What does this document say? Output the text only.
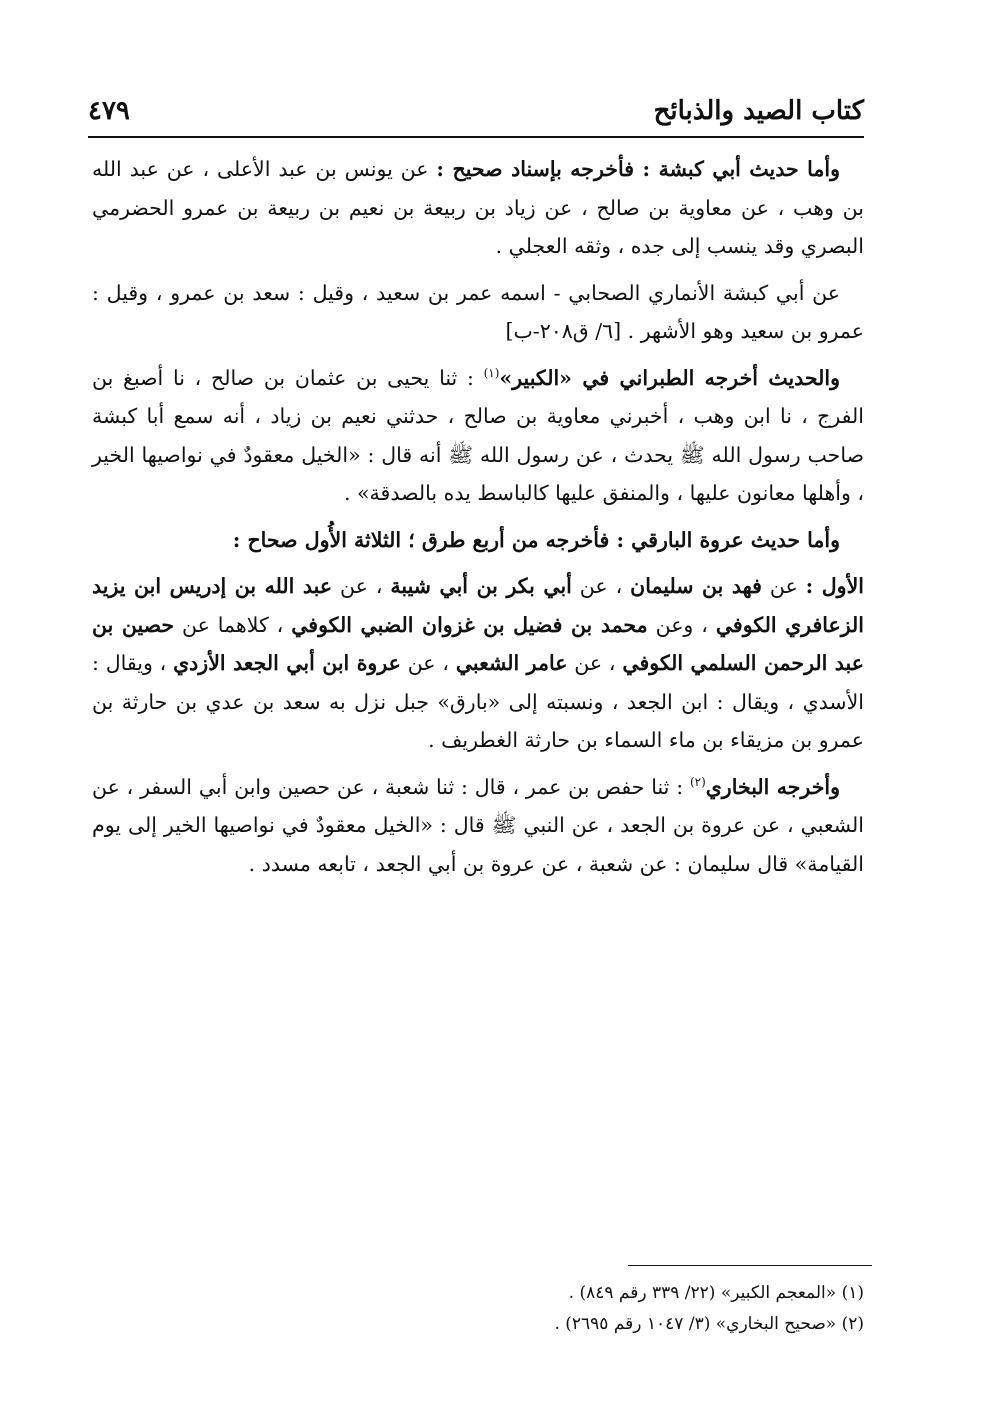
كتاب الصيد والذبائح
٤٧٩

وأما حديث أبي كبشة : فأخرجه بإسناد صحيح : عن يونس بن عبد الأعلى ، عن عبد الله بن وهب ، عن معاوية بن صالح ، عن زياد بن ربيعة بن نعيم بن ربيعة بن عمرو الحضرمي البصري وقد ينسب إلى جده ، وثقه العجلي .

عن أبي كبشة الأنماري الصحابي - اسمه عمر بن سعيد ، وقيل : سعد بن عمرو ، وقيل : عمرو بن سعيد وهو الأشهر . [٦/ ق٢٠٨-ب]

والحديث أخرجه الطبراني في «الكبير»$^{(١)}$ : ثنا يحيى بن عثمان بن صالح ، نا أصبغ بن الفرج ، نا ابن وهب ، أخبرني معاوية بن صالح ، حدثني نعيم بن زياد ، أنه سمع أبا كبشة صاحب رسول الله ﷺ يحدث ، عن رسول الله ﷺ أنه قال : «الخيل معقودٌ في نواصيها الخير ، وأهلها معانون عليها ، والمنفق عليها كالباسط يده بالصدقة» .

وأما حديث عروة البارقي : فأخرجه من أربع طرق ؛ الثلاثة الأُول صحاح :

الأول : عن فهد بن سليمان ، عن أبي بكر بن أبي شيبة ، عن عبد الله بن إدريس ابن يزيد الزعافري الكوفي ، وعن محمد بن فضيل بن غزوان الضبي الكوفي ، كلاهما عن حصين بن عبد الرحمن السلمي الكوفي ، عن عامر الشعبي ، عن عروة ابن أبي الجعد الأزدي ، ويقال : الأسدي ، ويقال : ابن الجعد ، ونسبته إلى «بارق» جبل نزل به سعد بن عدي بن حارثة بن عمرو بن مزيقاء بن ماء السماء بن حارثة الغطريف .

وأخرجه البخاري$^{(٢)}$ : ثنا حفص بن عمر ، قال : ثنا شعبة ، عن حصين وابن أبي السفر ، عن الشعبي ، عن عروة بن الجعد ، عن النبي ﷺ قال : «الخيل معقودٌ في نواصيها الخير إلى يوم القيامة» قال سليمان : عن شعبة ، عن عروة بن أبي الجعد ، تابعه مسدد .

(١) «المعجم الكبير» (٢٢/ ٣٣٩ رقم ٨٤٩) .
(٢) «صحيح البخاري» (٣/ ١٠٤٧ رقم ٢٦٩٥) .
